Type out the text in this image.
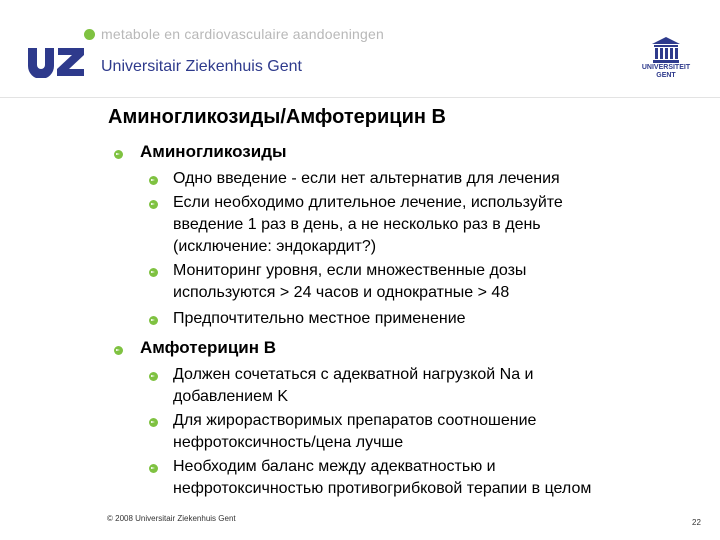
metabole en cardiovasculaire aandoeningen
Universitair Ziekenhuis Gent	UNIVERSITEIT
GENT
Аминогликозиды/Амфотерицин В
Аминогликозиды
Одно введение - если нет альтернатив для лечения
Если необходимо длительное лечение, используйте
введение 1 раз в день, а не несколько раз в день
(исключение: эндокардит?)
Мониторинг уровня, если множественные дозы
используются > 24 часов и однократные > 48
Предпочтительно местное применение
Амфотерицин В
Должен сочетаться с адекватной нагрузкой Na и
добавлением K
Для жирорастворимых препаратов соотношение
нефротоксичность/цена лучше
Необходим баланс между адекватностью и
нефротоксичностью противогрибковой терапии в целом
© 2008 Universitair Ziekenhuis Gent	22
